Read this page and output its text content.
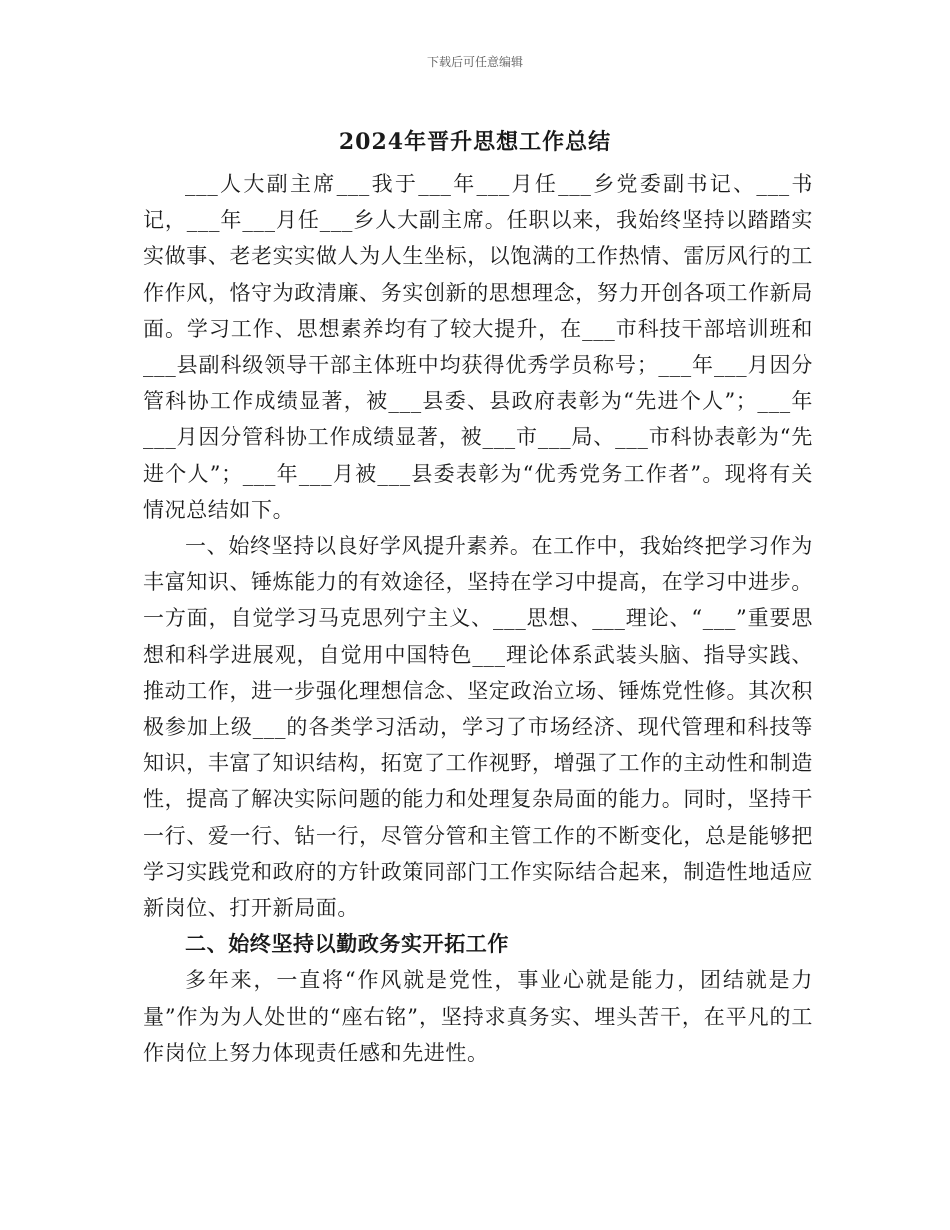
下载后可任意编辑
2024年晋升思想工作总结

___人大副主席___我于___年___月任___乡党委副书记、___书记，___年___月任___乡人大副主席。任职以来，我始终坚持以踏踏实实做事、老老实实做人为人生坐标，以饱满的工作热情、雷厉风行的工作作风，恪守为政清廉、务实创新的思想理念，努力开创各项工作新局面。学习工作、思想素养均有了较大提升，在___市科技干部培训班和___县副科级领导干部主体班中均获得优秀学员称号；___年___月因分管科协工作成绩显著，被___县委、县政府表彰为“先进个人”；___年___月因分管科协工作成绩显著，被___市___局、___市科协表彰为“先进个人”；___年___月被___县委表彰为“优秀党务工作者”。现将有关情况总结如下。

一、始终坚持以良好学风提升素养。在工作中，我始终把学习作为丰富知识、锤炼能力的有效途径，坚持在学习中提高，在学习中进步。一方面，自觉学习马克思列宁主义、___思想、___理论、“___”重要思想和科学进展观，自觉用中国特色___理论体系武装头脑、指导实践、推动工作，进一步强化理想信念、坚定政治立场、锤炼党性修。其次积极参加上级___的各类学习活动，学习了市场经济、现代管理和科技等知识，丰富了知识结构，拓宽了工作视野，增强了工作的主动性和制造性，提高了解决实际问题的能力和处理复杂局面的能力。同时，坚持干一行、爱一行、钻一行，尽管分管和主管工作的不断变化，总是能够把学习实践党和政府的方针政策同部门工作实际结合起来，制造性地适应新岗位、打开新局面。

二、始终坚持以勤政务实开拓工作

多年来，一直将“作风就是党性，事业心就是能力，团结就是力量”作为为人处世的“座右铭”，坚持求真务实、埋头苦干，在平凡的工作岗位上努力体现责任感和先进性。
